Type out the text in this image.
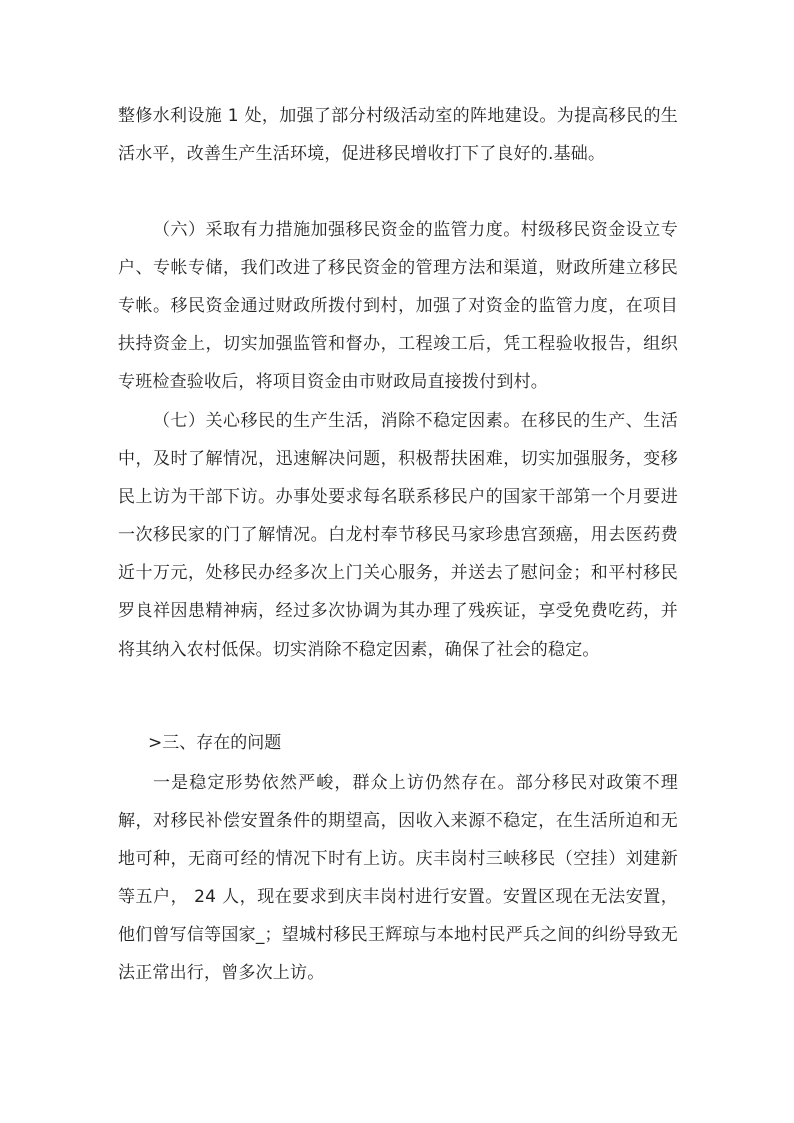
整修水利设施 1 处，加强了部分村级活动室的阵地建设。为提高移民的生活水平，改善生产生活环境，促进移民增收打下了良好的.基础。

（六）采取有力措施加强移民资金的监管力度。村级移民资金设立专户、专帐专储，我们改进了移民资金的管理方法和渠道，财政所建立移民专帐。移民资金通过财政所拨付到村，加强了对资金的监管力度，在项目扶持资金上，切实加强监管和督办，工程竣工后，凭工程验收报告，组织专班检查验收后，将项目资金由市财政局直接拨付到村。

（七）关心移民的生产生活，消除不稳定因素。在移民的生产、生活中，及时了解情况，迅速解决问题，积极帮扶困难，切实加强服务，变移民上访为干部下访。办事处要求每名联系移民户的国家干部第一个月要进一次移民家的门了解情况。白龙村奉节移民马家珍患宫颈癌，用去医药费近十万元，处移民办经多次上门关心服务，并送去了慰问金；和平村移民罗良祥因患精神病，经过多次协调为其办理了残疾证，享受免费吃药，并将其纳入农村低保。切实消除不稳定因素，确保了社会的稳定。

>三、存在的问题

一是稳定形势依然严峻，群众上访仍然存在。部分移民对政策不理解，对移民补偿安置条件的期望高，因收入来源不稳定，在生活所迫和无地可种，无商可经的情况下时有上访。庆丰岗村三峡移民（空挂）刘建新等五户， 24 人，现在要求到庆丰岗村进行安置。安置区现在无法安置，他们曾写信等国家_；望城村移民王辉琼与本地村民严兵之间的纠纷导致无法正常出行，曾多次上访。
